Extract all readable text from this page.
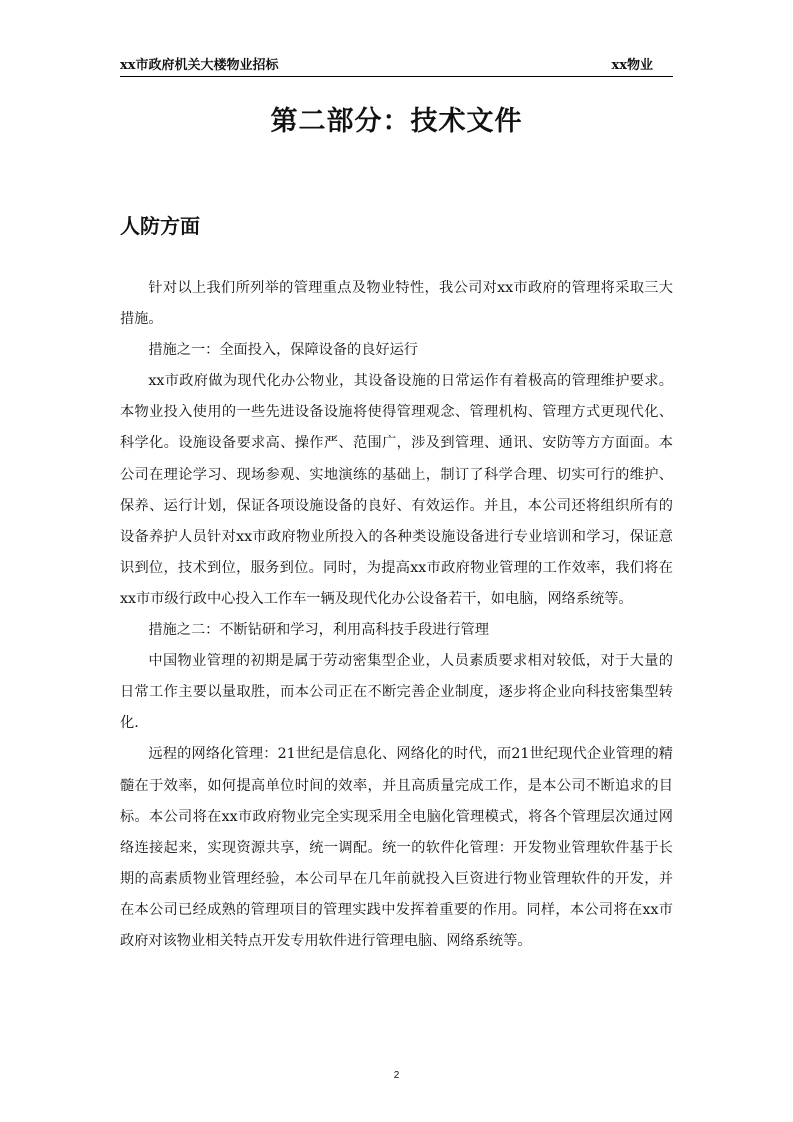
xx市政府机关大楼物业招标	xx物业
第二部分：技术文件
人防方面

针对以上我们所列举的管理重点及物业特性，我公司对xx市政府的管理将采取三大措施。

措施之一：全面投入，保障设备的良好运行

xx市政府做为现代化办公物业，其设备设施的日常运作有着极高的管理维护要求。本物业投入使用的一些先进设备设施将使得管理观念、管理机构、管理方式更现代化、科学化。设施设备要求高、操作严、范围广，涉及到管理、通讯、安防等方方面面。本公司在理论学习、现场参观、实地演练的基础上，制订了科学合理、切实可行的维护、保养、运行计划，保证各项设施设备的良好、有效运作。并且，本公司还将组织所有的设备养护人员针对xx市政府物业所投入的各种类设施设备进行专业培训和学习，保证意识到位，技术到位，服务到位。同时，为提高xx市政府物业管理的工作效率，我们将在xx市市级行政中心投入工作车一辆及现代化办公设备若干，如电脑，网络系统等。

措施之二：不断钻研和学习，利用高科技手段进行管理

中国物业管理的初期是属于劳动密集型企业，人员素质要求相对较低，对于大量的日常工作主要以量取胜，而本公司正在不断完善企业制度，逐步将企业向科技密集型转化.

远程的网络化管理：21世纪是信息化、网络化的时代，而21世纪现代企业管理的精髓在于效率，如何提高单位时间的效率，并且高质量完成工作，是本公司不断追求的目标。本公司将在xx市政府物业完全实现采用全电脑化管理模式，将各个管理层次通过网络连接起来，实现资源共享，统一调配。统一的软件化管理：开发物业管理软件基于长期的高素质物业管理经验，本公司早在几年前就投入巨资进行物业管理软件的开发，并在本公司已经成熟的管理项目的管理实践中发挥着重要的作用。同样，本公司将在xx市政府对该物业相关特点开发专用软件进行管理电脑、网络系统等。

2
